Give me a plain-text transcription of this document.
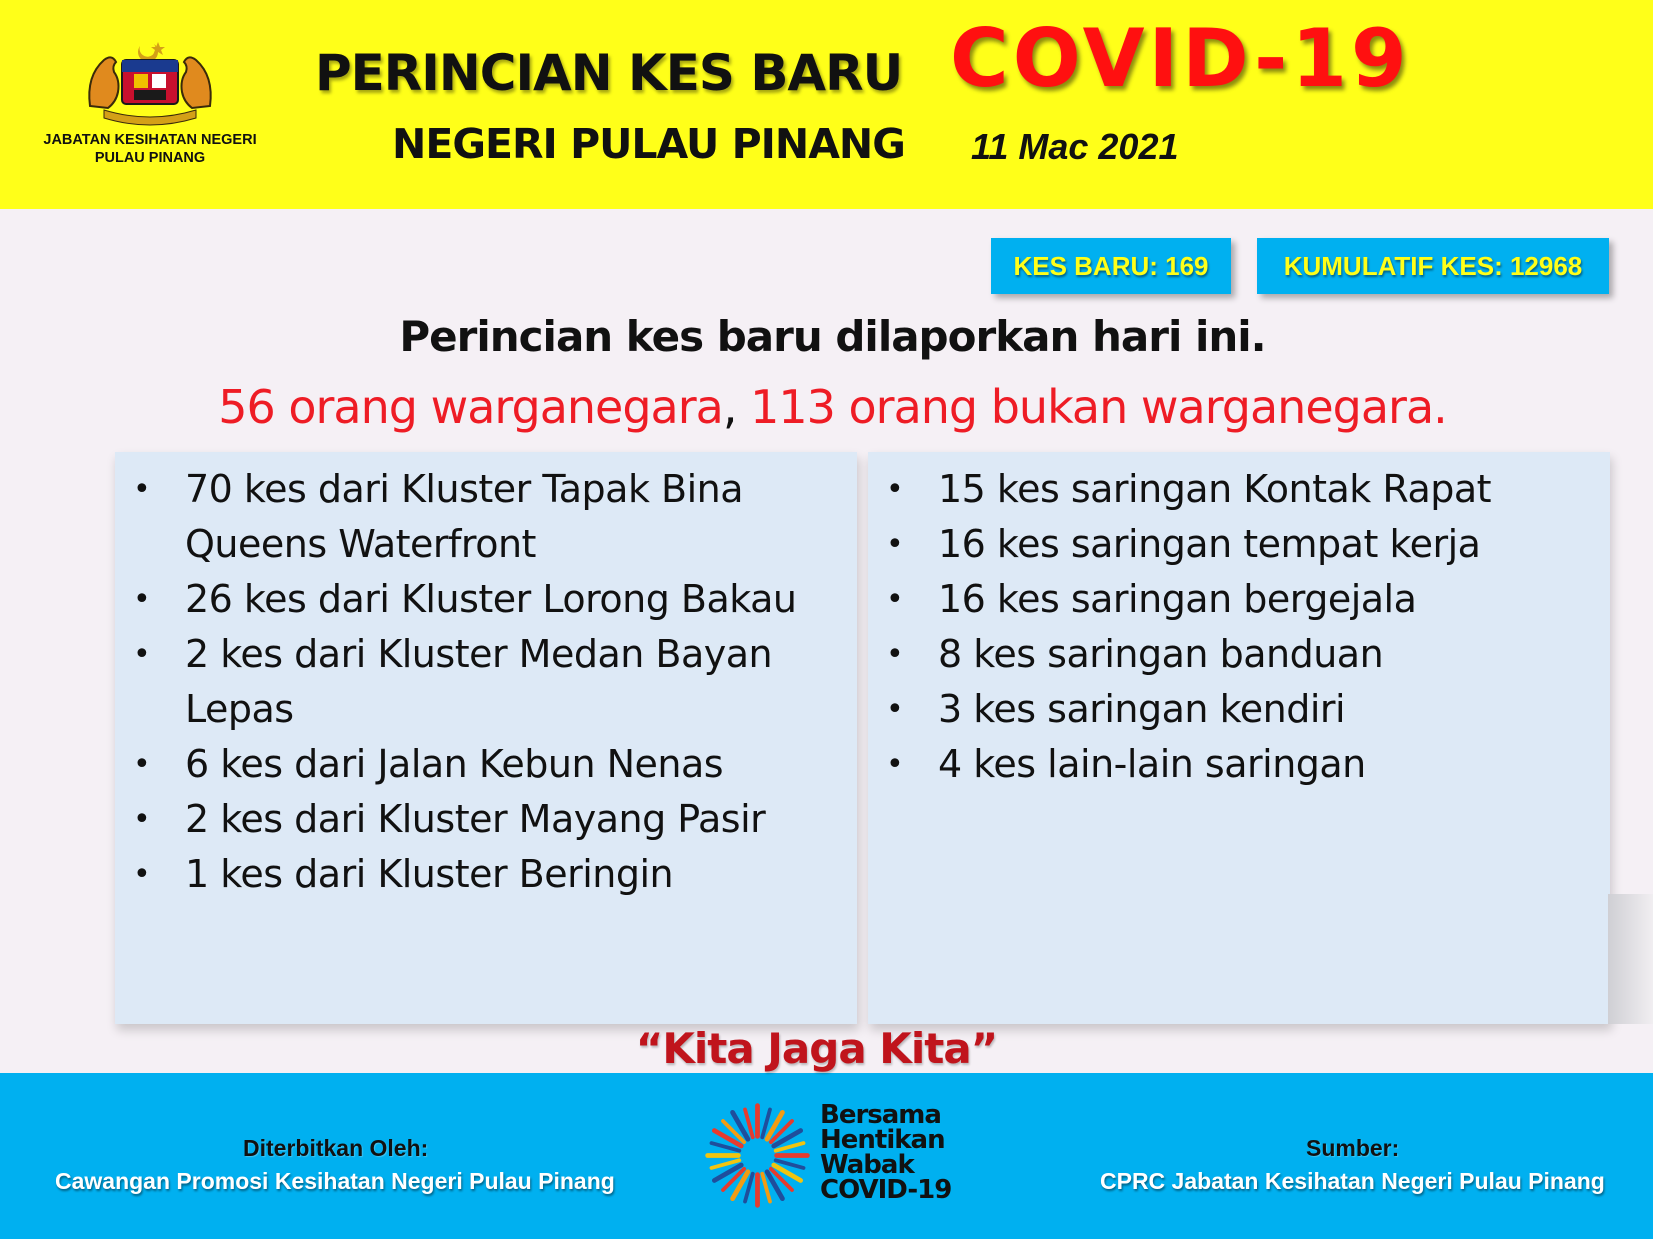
JABATAN KESIHATAN NEGERI
PULAU PINANG
PERINCIAN KES BARU COVID-19
NEGERI PULAU PINANG 11 Mac 2021
KES BARU: 169	KUMULATIF KES: 12968
Perincian kes baru dilaporkan hari ini.
56 orang warganegara, 113 orang bukan warganegara.
• 70 kes dari Kluster Tapak Bina Queens Waterfront
• 26 kes dari Kluster Lorong Bakau
• 2 kes dari Kluster Medan Bayan Lepas
• 6 kes dari Jalan Kebun Nenas
• 2 kes dari Kluster Mayang Pasir
• 1 kes dari Kluster Beringin
• 15 kes saringan Kontak Rapat
• 16 kes saringan tempat kerja
• 16 kes saringan bergejala
• 8 kes saringan banduan
• 3 kes saringan kendiri
• 4 kes lain-lain saringan
“Kita Jaga Kita”
Diterbitkan Oleh:
Cawangan Promosi Kesihatan Negeri Pulau Pinang
Bersama
Hentikan
Wabak
COVID-19
Sumber:
CPRC Jabatan Kesihatan Negeri Pulau Pinang
